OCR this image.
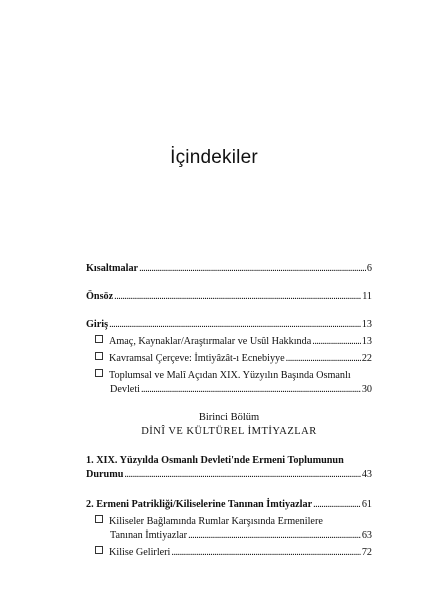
İçindekiler
Kısaltmalar .....	6
Önsöz .....	11
Giriş .....	13
Amaç, Kaynaklar/Araştırmalar ve Usûl Hakkında .....	13
Kavramsal Çerçeve: İmtiyâzât-ı Ecnebiyye .....	22
Toplumsal ve Malî Açıdan XIX. Yüzyılın Başında Osmanlı
Devleti .....	30
Birinci Bölüm
DİNÎ VE KÜLTÜREL İMTİYAZLAR
1. XIX. Yüzyılda Osmanlı Devleti'nde Ermeni Toplumunun
Durumu .....	43
2. Ermeni Patrikliği/Kiliselerine Tanınan İmtiyazlar .....	61
Kiliseler Bağlamında Rumlar Karşısında Ermenilere
Tanınan İmtiyazlar .....	63
Kilise Gelirleri .....	72
